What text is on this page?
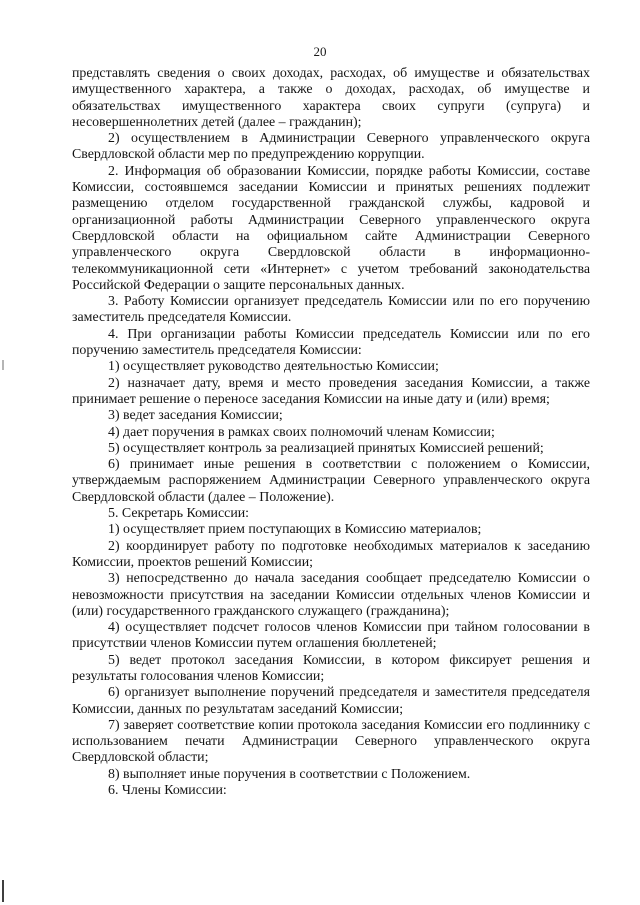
20

представлять сведения о своих доходах, расходах, об имуществе и обязательствах имущественного характера, а также о доходах, расходах, об имуществе и обязательствах имущественного характера своих супруги (супруга) и несовершеннолетних детей (далее – гражданин);

2) осуществлением в Администрации Северного управленческого округа Свердловской области мер по предупреждению коррупции.

2. Информация об образовании Комиссии, порядке работы Комиссии, составе Комиссии, состоявшемся заседании Комиссии и принятых решениях подлежит размещению отделом государственной гражданской службы, кадровой и организационной работы Администрации Северного управленческого округа Свердловской области на официальном сайте Администрации Северного управленческого округа Свердловской области в информационно-телекоммуникационной сети «Интернет» с учетом требований законодательства Российской Федерации о защите персональных данных.

3. Работу Комиссии организует председатель Комиссии или по его поручению заместитель председателя Комиссии.

4. При организации работы Комиссии председатель Комиссии или по его поручению заместитель председателя Комиссии:

1) осуществляет руководство деятельностью Комиссии;

2) назначает дату, время и место проведения заседания Комиссии, а также принимает решение о переносе заседания Комиссии на иные дату и (или) время;

3) ведет заседания Комиссии;

4) дает поручения в рамках своих полномочий членам Комиссии;

5) осуществляет контроль за реализацией принятых Комиссией решений;

6) принимает иные решения в соответствии с положением о Комиссии, утверждаемым распоряжением Администрации Северного управленческого округа Свердловской области (далее – Положение).

5. Секретарь Комиссии:

1) осуществляет прием поступающих в Комиссию материалов;

2) координирует работу по подготовке необходимых материалов к заседанию Комиссии, проектов решений Комиссии;

3) непосредственно до начала заседания сообщает председателю Комиссии о невозможности присутствия на заседании Комиссии отдельных членов Комиссии и (или) государственного гражданского служащего (гражданина);

4) осуществляет подсчет голосов членов Комиссии при тайном голосовании в присутствии членов Комиссии путем оглашения бюллетеней;

5) ведет протокол заседания Комиссии, в котором фиксирует решения и результаты голосования членов Комиссии;

6) организует выполнение поручений председателя и заместителя председателя Комиссии, данных по результатам заседаний Комиссии;

7) заверяет соответствие копии протокола заседания Комиссии его подлиннику с использованием печати Администрации Северного управленческого округа Свердловской области;

8) выполняет иные поручения в соответствии с Положением.

6. Члены Комиссии:
